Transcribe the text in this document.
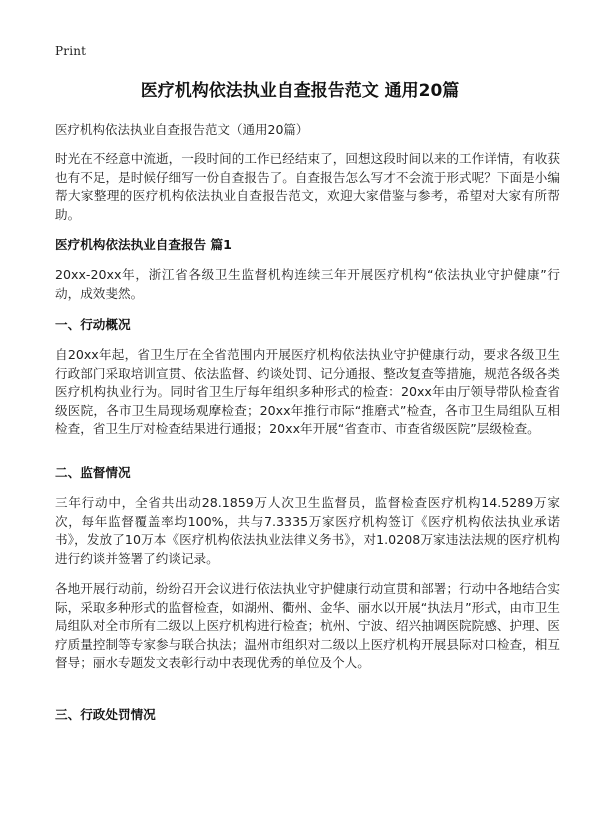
Print
医疗机构依法执业自查报告范文 通用20篇
医疗机构依法执业自查报告范文（通用20篇）

时光在不经意中流逝，一段时间的工作已经结束了，回想这段时间以来的工作详情，有收获也有不足，是时候仔细写一份自查报告了。自查报告怎么写才不会流于形式呢？下面是小编帮大家整理的医疗机构依法执业自查报告范文，欢迎大家借鉴与参考，希望对大家有所帮助。

医疗机构依法执业自查报告 篇1

20xx-20xx年，浙江省各级卫生监督机构连续三年开展医疗机构“依法执业守护健康”行动，成效斐然。

一、行动概况

自20xx年起，省卫生厅在全省范围内开展医疗机构依法执业守护健康行动，要求各级卫生行政部门采取培训宣贯、依法监督、约谈处罚、记分通报、整改复查等措施，规范各级各类医疗机构执业行为。同时省卫生厅每年组织多种形式的检查：20xx年由厅领导带队检查省级医院，各市卫生局现场观摩检查；20xx年推行市际“推磨式”检查，各市卫生局组队互相检查，省卫生厅对检查结果进行通报；20xx年开展“省查市、市查省级医院”层级检查。

二、监督情况

三年行动中，全省共出动28.1859万人次卫生监督员，监督检查医疗机构14.5289万家次，每年监督覆盖率均100%，共与7.3335万家医疗机构签订《医疗机构依法执业承诺书》，发放了10万本《医疗机构依法执业法律义务书》，对1.0208万家违法法规的医疗机构进行约谈并签署了约谈记录。

各地开展行动前，纷纷召开会议进行依法执业守护健康行动宣贯和部署；行动中各地结合实际，采取多种形式的监督检查，如湖州、衢州、金华、丽水以开展“执法月”形式，由市卫生局组队对全市所有二级以上医疗机构进行检查；杭州、宁波、绍兴抽调医院院感、护理、医疗质量控制等专家参与联合执法；温州市组织对二级以上医疗机构开展县际对口检查，相互督导；丽水专题发文表彰行动中表现优秀的单位及个人。

三、行政处罚情况
